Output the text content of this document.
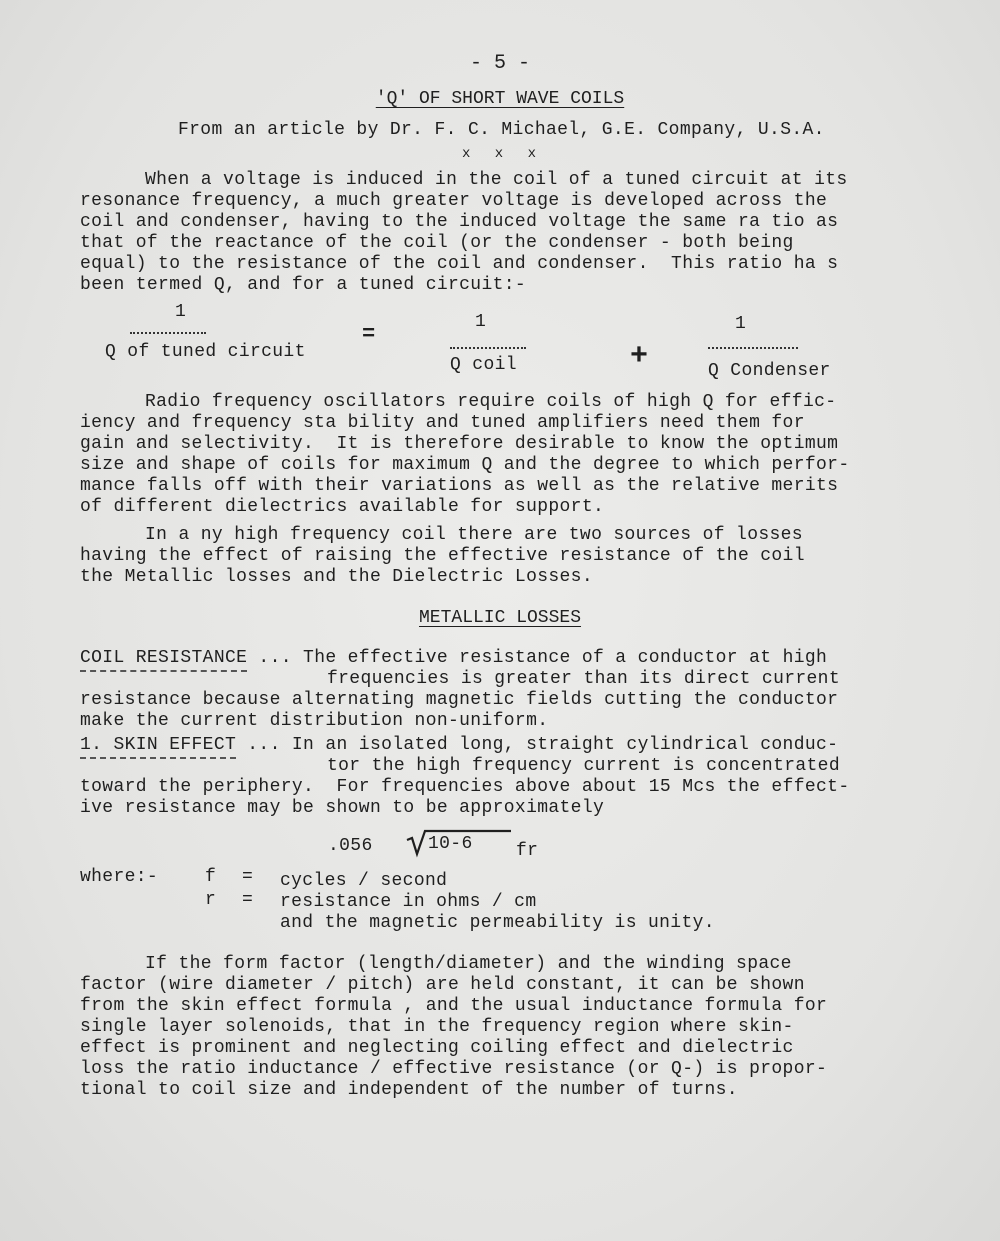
- 5 -
'Q' OF SHORT WAVE COILS
From an article by Dr. F. C. Michael, G.E. Company, U.S.A.
x x x
When a voltage is induced in the coil of a tuned circuit at its
resonance frequency, a much greater voltage is developed across the
coil and condenser, having to the induced voltage the same ra tio as
that of the reactance of the coil (or the condenser - both being
equal) to the resistance of the coil and condenser.  This ratio ha s
been termed Q, and for a tuned circuit:-
1
Q of tuned circuit
=	1
Q coil	+
1
Q Condenser
Radio frequency oscillators require coils of high Q for effic-
iency and frequency sta bility and tuned amplifiers need them for
gain and selectivity.  It is therefore desirable to know the optimum
size and shape of coils for maximum Q and the degree to which perfor-
mance falls off with their variations as well as the relative merits
of different dielectrics available for support.
In a ny high frequency coil there are two sources of losses
having the effect of raising the effective resistance of the coil
the Metallic losses and the Dielectric Losses.
METALLIC LOSSES
COIL RESISTANCE ... The effective resistance of a conductor at high
frequencies is greater than its direct current
resistance because alternating magnetic fields cutting the conductor
make the current distribution non-uniform.
1. SKIN EFFECT ... In an isolated long, straight cylindrical conduc-
tor the high frequency current is concentrated
toward the periphery.  For frequencies above about 15 Mcs the effect-
ive resistance may be shown to be approximately
.056	10-6 fr
where:-	f = cycles / second
r = resistance in ohms / cm
and the magnetic permeability is unity.
If the form factor (length/diameter) and the winding space
factor (wire diameter / pitch) are held constant, it can be shown
from the skin effect formula , and the usual inductance formula for
single layer solenoids, that in the frequency region where skin-
effect is prominent and neglecting coiling effect and dielectric
loss the ratio inductance / effective resistance (or Q-) is propor-
tional to coil size and independent of the number of turns.
